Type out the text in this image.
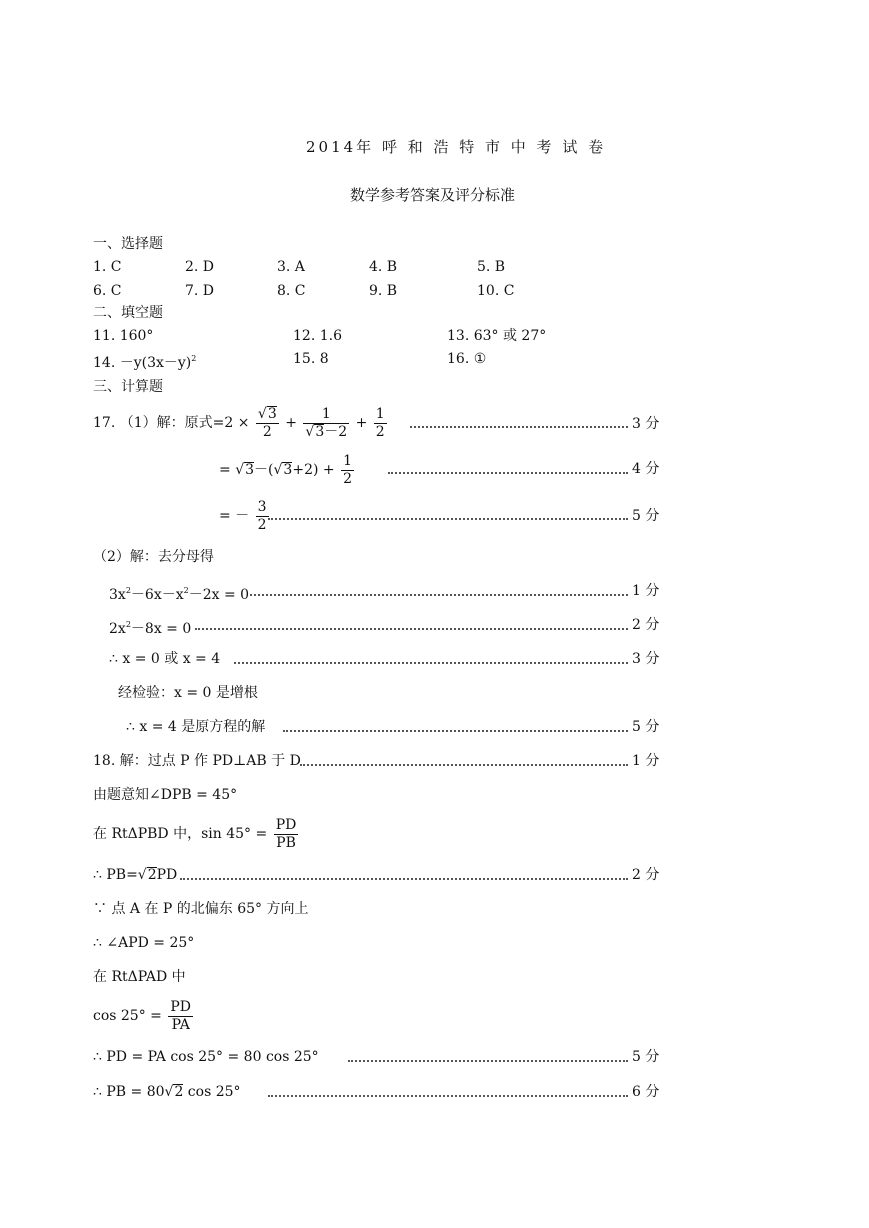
2014年 呼 和 浩 特 市 中 考 试 卷
数学参考答案及评分标准
一、选择题
1. C	2. D	3. A	4. B	5. B
6. C	7. D	8. C	9. B	10. C
二、填空题
11. 160°	12. 1.6	13. 63° 或 27°
14. $-y(3x-y)^2$	15. 8	16. ①
三、计算题
17. （1）解：原式$=2 \times \frac{√3}{2} + \frac{1}{√3-2} + \frac{1}{2}$	3 分
= $√3-(√3+2) + \frac{1}{2}$	4 分
= － $\frac{3}{2}$	5 分
（2）解：去分母得
$3x^2-6x-x^2-2x = 0$	1 分
$2x^2-8x = 0$	2 分
∴ x = 0 或 x = 4	3 分
经检验：x = 0 是增根
∴ x = 4 是原方程的解	5 分
18. 解：过点 P 作 PD⊥AB 于 D	1 分
由题意知∠DPB = 45°
在 RtΔPBD 中，$\sin 45^\circ = \frac{PD}{PB}$
∴ PB=√2PD	2 分
∵ 点 A 在 P 的北偏东 65° 方向上
∴ ∠APD = 25°
在 RtΔPAD 中
$\cos 25^\circ = \frac{PD}{PA}$
∴ PD = PA cos 25° = 80 cos 25°	5 分
∴ PB = 80√2 cos 25°	6 分
